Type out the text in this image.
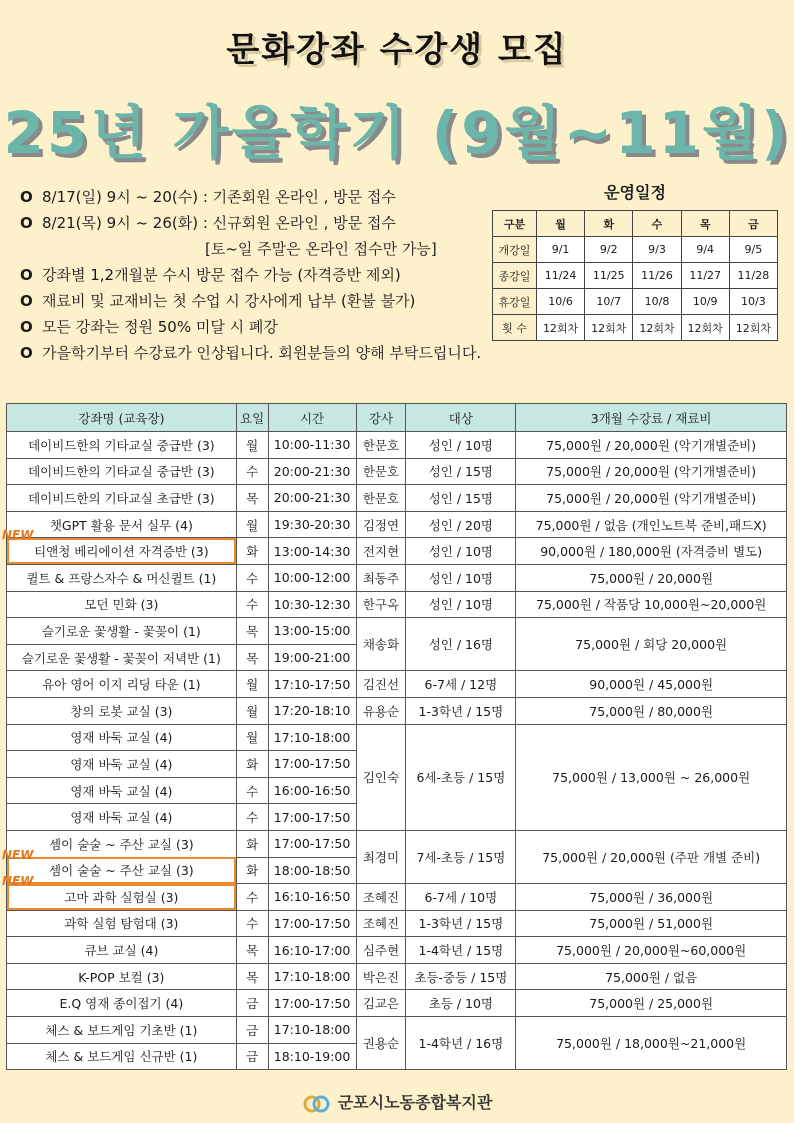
문화강좌 수강생 모집
25년 가을학기 (9월~11월)
O 8/17(일) 9시 ~ 20(수) : 기존회원 온라인 , 방문 접수
O 8/21(목) 9시 ~ 26(화) : 신규회원 온라인 , 방문 접수
[토~일 주말은 온라인 접수만 가능]
O 강좌별 1,2개월분 수시 방문 접수 가능 (자격증반 제외)
O 재료비 및 교재비는 첫 수업 시 강사에게 납부 (환불 불가)
O 모든 강좌는 정원 50% 미달 시 폐강
O 가을학기부터 수강료가 인상됩니다. 회원분들의 양해 부탁드립니다.
운영일정
구분	월	화	수	목	금
개강일	9/1	9/2	9/3	9/4	9/5
종강일	11/24	11/25	11/26	11/27	11/28
휴강일	10/6	10/7	10/8	10/9	10/3
횟 수	12회차	12회차	12회차	12회차	12회차
강좌명 (교육장)	요일	시간	강사	대상	3개월 수강료 / 재료비
데이비드한의 기타교실 중급반 (3)	월	10:00-11:30	한문호	성인 / 10명	75,000원 / 20,000원 (악기개별준비)
데이비드한의 기타교실 중급반 (3)	수	20:00-21:30	한문호	성인 / 15명	75,000원 / 20,000원 (악기개별준비)
데이비드한의 기타교실 초급반 (3)	목	20:00-21:30	한문호	성인 / 15명	75,000원 / 20,000원 (악기개별준비)
챗GPT 활용 문서 실무 (4)	월	19:30-20:30	김정연	성인 / 20명	75,000원 / 없음 (개인노트북 준비,패드X)

NEW
티앤청 베리에이션 자격증반 (3)	화	13:00-14:30	전지현	성인 / 10명	90,000원 / 180,000원 (자격증비 별도)
퀼트 & 프랑스자수 & 머신퀼트 (1)	수	10:00-12:00	최동주	성인 / 10명	75,000원 / 20,000원
모던 민화 (3)	수	10:30-12:30	한구옥	성인 / 10명	75,000원 / 작품당 10,000원~20,000원
슬기로운 꽃생활 - 꽃꽂이 (1)	목	13:00-15:00	채송화	성인 / 16명	75,000원 / 회당 20,000원
슬기로운 꽃생활 - 꽃꽂이 저녁반 (1)	목	19:00-21:00			
유아 영어 이지 리딩 타운 (1)	월	17:10-17:50	김진선	6-7세 / 12명	90,000원 / 45,000원
창의 로봇 교실 (3)	월	17:20-18:10	유용순	1-3학년 / 15명	75,000원 / 80,000원
영재 바둑 교실 (4)	월	17:10-18:00	김인숙	6세-초등 / 15명	75,000원 / 13,000원 ~ 26,000원
영재 바둑 교실 (4)	화	17:00-17:50			
영재 바둑 교실 (4)	수	16:00-16:50			
영재 바둑 교실 (4)	수	17:00-17:50			
셈이 술술 ~ 주산 교실 (3)	화	17:00-17:50	최경미	7세-초등 / 15명	75,000원 / 20,000원 (주판 개별 준비)

NEW
셈이 술술 ~ 주산 교실 (3)	화	18:00-18:50			

NEW
고마 과학 실험실 (3)	수	16:10-16:50	조혜진	6-7세 / 10명	75,000원 / 36,000원
과학 실험 탐험대 (3)	수	17:00-17:50	조혜진	1-3학년 / 15명	75,000원 / 51,000원
큐브 교실 (4)	목	16:10-17:00	심주현	1-4학년 / 15명	75,000원 / 20,000원~60,000원
K-POP 보컬 (3)	목	17:10-18:00	박은진	초등-중등 / 15명	75,000원 / 없음
E.Q 영재 종이접기 (4)	금	17:00-17:50	김교은	초등 / 10명	75,000원 / 25,000원
체스 & 보드게임 기초반 (1)	금	17:10-18:00	권용순	1-4학년 / 16명	75,000원 / 18,000원~21,000원
체스 & 보드게임 신규반 (1)	금	18:10-19:00			
군포시노동종합복지관
